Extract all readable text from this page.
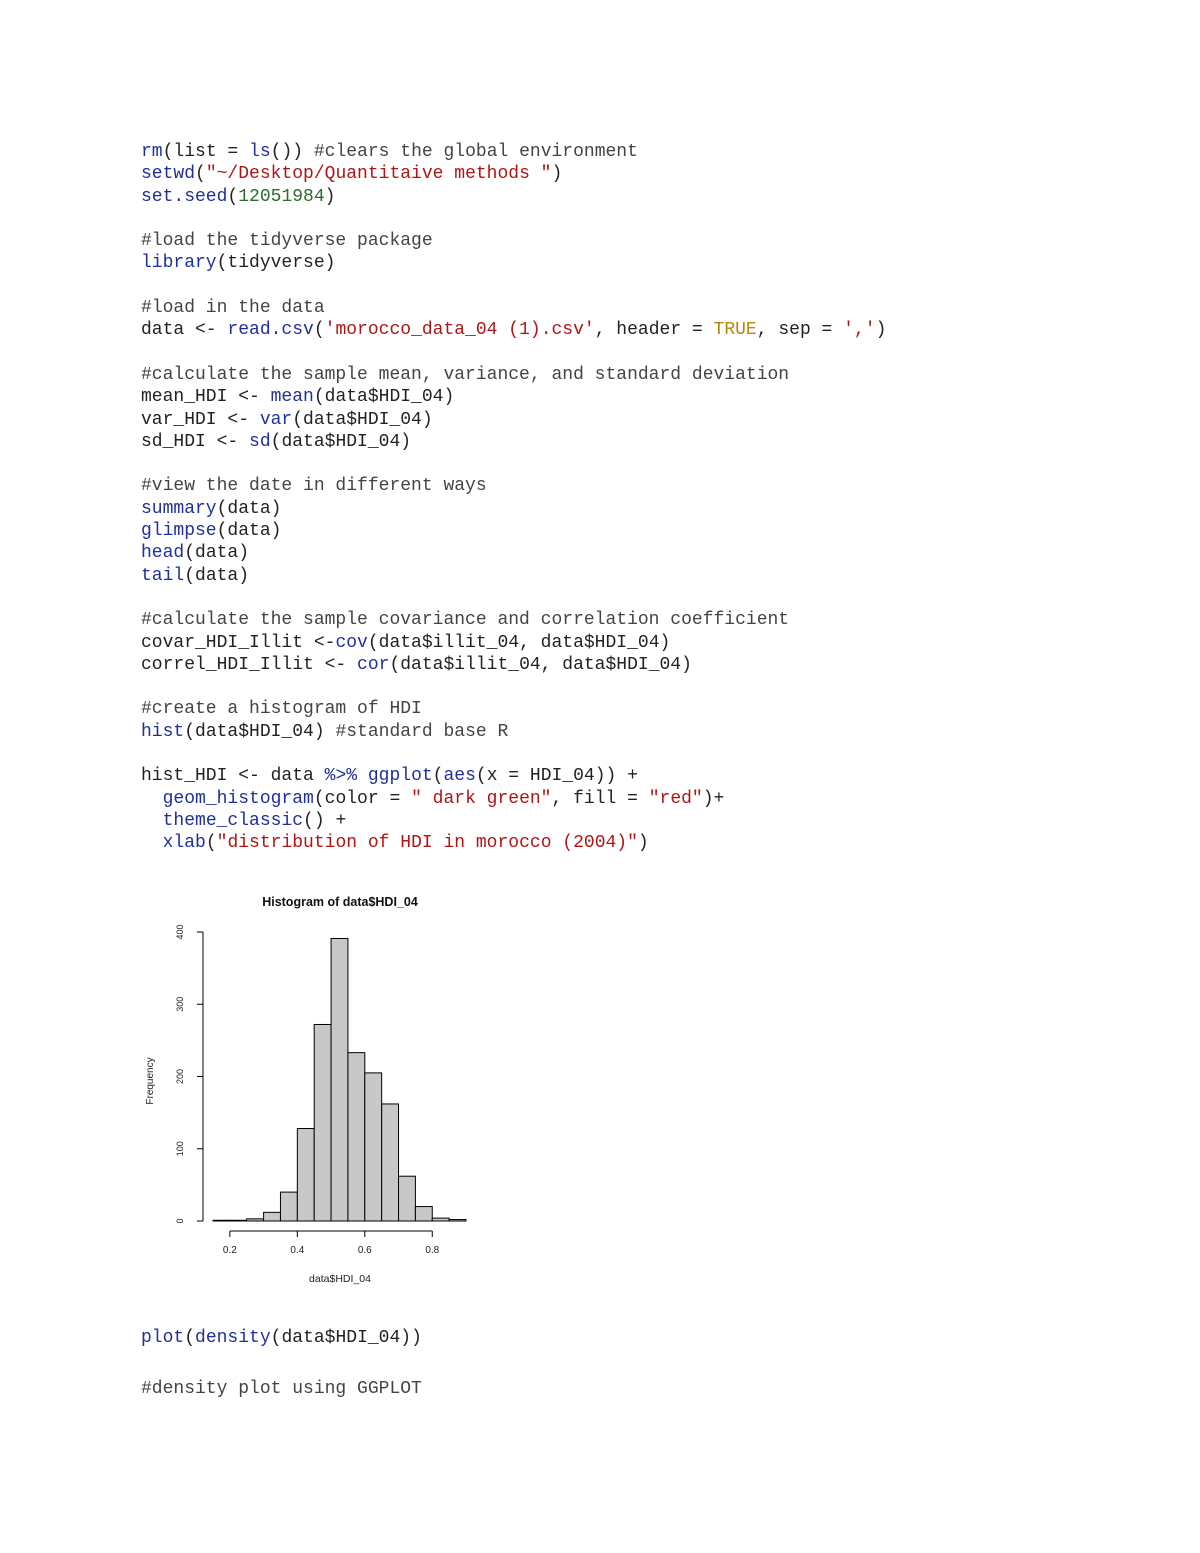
rm(list = ls()) #clears the global environment
setwd("~/Desktop/Quantitaive methods ")
set.seed(12051984)
#load the tidyverse package
library(tidyverse)
#load in the data
data <- read.csv('morocco_data_04 (1).csv', header = TRUE, sep = ',')
#calculate the sample mean, variance, and standard deviation
mean_HDI <- mean(data$HDI_04)
var_HDI <- var(data$HDI_04)
sd_HDI <- sd(data$HDI_04)
#view the date in different ways
summary(data)
glimpse(data)
head(data)
tail(data)
#calculate the sample covariance and correlation coefficient
covar_HDI_Illit <-cov(data$illit_04, data$HDI_04)
correl_HDI_Illit <- cor(data$illit_04, data$HDI_04)
#create a histogram of HDI
hist(data$HDI_04) #standard base R
hist_HDI <- data %>% ggplot(aes(x = HDI_04)) +
geom_histogram(color = " dark green", fill = "red")+
theme_classic() +
xlab("distribution of HDI in morocco (2004)")
Histogram of data$HDI_04
0
100
200
300
400
0.2	0.4	0.6	0.8
Frequency
data$HDI_04
plot(density(data$HDI_04))
#density plot using GGPLOT
